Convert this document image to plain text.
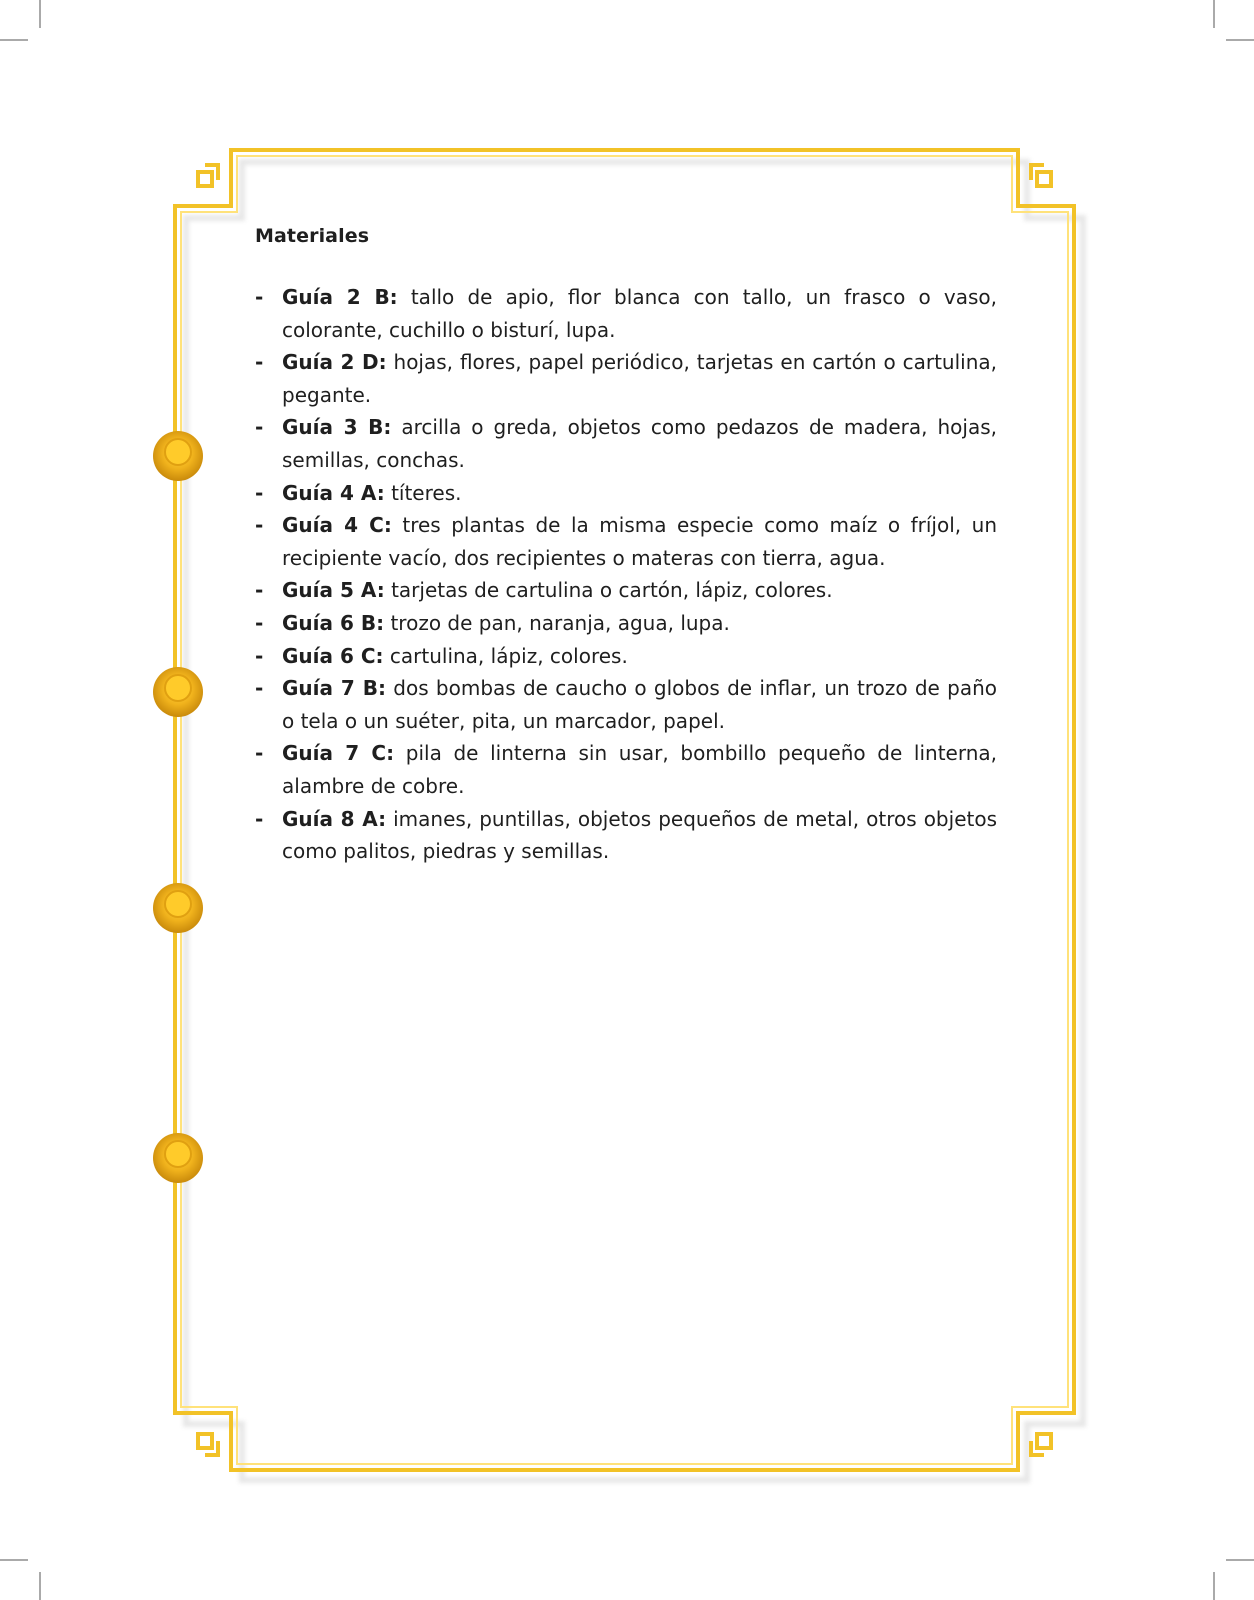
Materiales
- Guía 2 B: tallo de apio, flor blanca con tallo, un frasco o vaso, colorante, cuchillo o bisturí, lupa.
- Guía 2 D: hojas, flores, papel periódico, tarjetas en cartón o cartulina, pegante.
- Guía 3 B: arcilla o greda, objetos como pedazos de madera, hojas, semillas, conchas.
- Guía 4 A: títeres.
- Guía 4 C: tres plantas de la misma especie como maíz o fríjol, un recipiente vacío, dos recipientes o materas con tierra, agua.
- Guía 5 A: tarjetas de cartulina o cartón, lápiz, colores.
- Guía 6 B: trozo de pan, naranja, agua, lupa.
- Guía 6 C: cartulina, lápiz, colores.
- Guía 7 B: dos bombas de caucho o globos de inflar, un trozo de paño o tela o un suéter, pita, un marcador, papel.
- Guía 7 C: pila de linterna sin usar, bombillo pequeño de linterna, alambre de cobre.
- Guía 8 A: imanes, puntillas, objetos pequeños de metal, otros objetos como palitos, piedras y semillas.
